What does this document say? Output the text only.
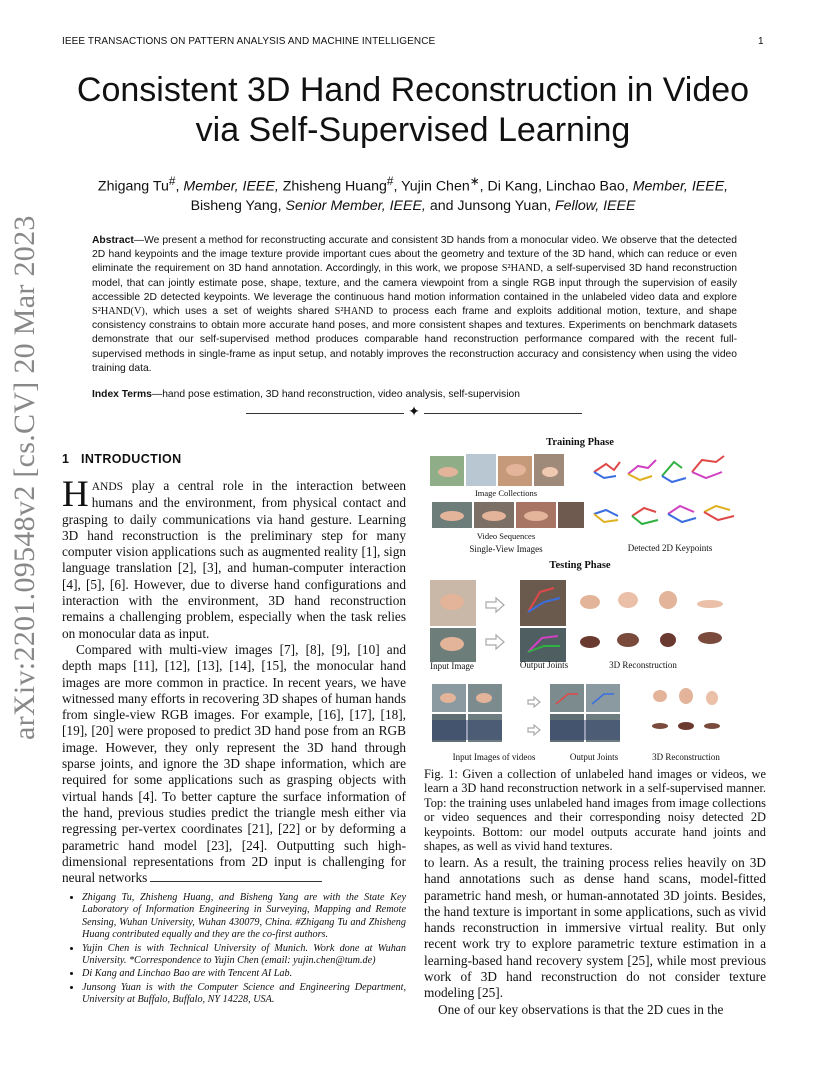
IEEE TRANSACTIONS ON PATTERN ANALYSIS AND MACHINE INTELLIGENCE	1
arXiv:2201.09548v2 [cs.CV] 20 Mar 2023
Consistent 3D Hand Reconstruction in Video
via Self-Supervised Learning
Zhigang Tu#, Member, IEEE, Zhisheng Huang#, Yujin Chen∗, Di Kang, Linchao Bao, Member, IEEE,
Bisheng Yang, Senior Member, IEEE, and Junsong Yuan, Fellow, IEEE
Abstract—We present a method for reconstructing accurate and consistent 3D hands from a monocular video. We observe that the detected 2D hand keypoints and the image texture provide important cues about the geometry and texture of the 3D hand, which can reduce or even eliminate the requirement on 3D hand annotation. Accordingly, in this work, we propose S²HAND, a self-supervised 3D hand reconstruction model, that can jointly estimate pose, shape, texture, and the camera viewpoint from a single RGB input through the supervision of easily accessible 2D detected keypoints. We leverage the continuous hand motion information contained in the unlabeled video data and explore S²HAND(V), which uses a set of weights shared S²HAND to process each frame and exploits additional motion, texture, and shape consistency constrains to obtain more accurate hand poses, and more consistent shapes and textures. Experiments on benchmark datasets demonstrate that our self-supervised method produces comparable hand reconstruction performance compared with the recent full-supervised methods in single-frame as input setup, and notably improves the reconstruction accuracy and consistency when using the video training data.
Index Terms—hand pose estimation, 3D hand reconstruction, video analysis, self-supervision
✦
1 INTRODUCTION

HANDS play a central role in the interaction between humans and the environment, from physical contact and grasping to daily communications via hand gesture. Learning 3D hand reconstruction is the preliminary step for many computer vision applications such as augmented reality [1], sign language translation [2], [3], and human-computer interaction [4], [5], [6]. However, due to diverse hand configurations and interaction with the environment, 3D hand reconstruction remains a challenging problem, especially when the task relies on monocular data as input.

Compared with multi-view images [7], [8], [9], [10] and depth maps [11], [12], [13], [14], [15], the monocular hand images are more common in practice. In recent years, we have witnessed many efforts in recovering 3D shapes of human hands from single-view RGB images. For example, [16], [17], [18], [19], [20] were proposed to predict 3D hand pose from an RGB image. However, they only represent the 3D hand through sparse joints, and ignore the 3D shape information, which are required for some applications such as grasping objects with virtual hands [4]. To better capture the surface information of the hand, previous studies predict the triangle mesh either via regressing per-vertex coordinates [21], [22] or by deforming a parametric hand model [23], [24]. Outputting such high-dimensional representations from 2D input is challenging for neural networks

• Zhigang Tu, Zhisheng Huang, and Bisheng Yang are with the State Key Laboratory of Information Engineering in Surveying, Mapping and Remote Sensing, Wuhan University, Wuhan 430079, China. #Zhigang Tu and Zhisheng Huang contributed equally and they are the co-first authors.
• Yujin Chen is with Technical University of Munich. Work done at Wuhan University. *Correspondence to Yujin Chen (email: yujin.chen@tum.de)
• Di Kang and Linchao Bao are with Tencent AI Lab.
• Junsong Yuan is with the Computer Science and Engineering Department, University at Buffalo, Buffalo, NY 14228, USA.
Training Phase
Image Collections
Video Sequences
Single-View Images	Detected 2D Keypoints
Testing Phase
Input Image	Output Joints	3D Reconstruction
Input Images of videos	Output Joints	3D Reconstruction
Fig. 1: Given a collection of unlabeled hand images or videos, we learn a 3D hand reconstruction network in a self-supervised manner. Top: the training uses unlabeled hand images from image collections or video sequences and their corresponding noisy detected 2D keypoints. Bottom: our model outputs accurate hand joints and shapes, as well as vivid hand textures.

to learn. As a result, the training process relies heavily on 3D hand annotations such as dense hand scans, model-fitted parametric hand mesh, or human-annotated 3D joints. Besides, the hand texture is important in some applications, such as vivid hands reconstruction in immersive virtual reality. But only recent work try to explore parametric texture estimation in a learning-based hand recovery system [25], while most previous work of 3D hand reconstruction do not consider texture modeling [25].

One of our key observations is that the 2D cues in the
